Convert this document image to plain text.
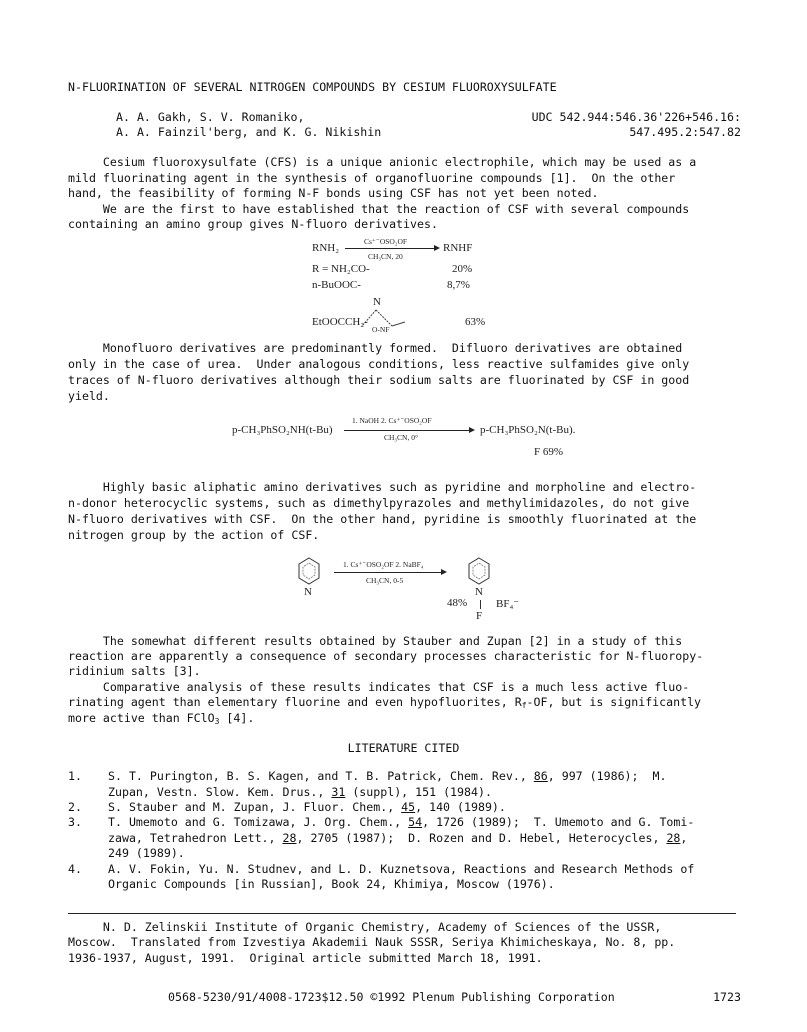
N-FLUORINATION OF SEVERAL NITROGEN COMPOUNDS BY CESIUM FLUOROXYSULFATE
A. A. Gakh, S. V. Romaniko,
A. A. Fainzil'berg, and K. G. Nikishin
UDC 542.944:546.36'226+546.16:
547.495.2:547.82
Cesium fluoroxysulfate (CFS) is a unique anionic electrophile, which may be used as a
mild fluorinating agent in the synthesis of organofluorine compounds [1].  On the other
hand, the feasibility of forming N-F bonds using CSF has not yet been noted.
We are the first to have established that the reaction of CSF with several compounds
containing an amino group gives N-fluoro derivatives.
RNH₂
Cs⁺⁻OSO₂OF
CH₃CN, 20
RNHF
R = NH₂CO-	20%
n-BuOOC-	8,7%
N
EtOOCCH₂-
O-NF
63%
Monofluoro derivatives are predominantly formed.  Difluoro derivatives are obtained
only in the case of urea.  Under analogous conditions, less reactive sulfamides give only
traces of N-fluoro derivatives although their sodium salts are fluorinated by CSF in good
yield.
p-CH₃PhSO₂NH(t-Bu)
1. NaOH 2. Cs⁺⁻OSO₂OF
CH₃CN, 0°
p-CH₃PhSO₂N(t-Bu).
F 69%
Highly basic aliphatic amino derivatives such as pyridine and morpholine and electro-
n-donor heterocyclic systems, such as dimethylpyrazoles and methylimidazoles, do not give
N-fluoro derivatives with CSF.  On the other hand, pyridine is smoothly fluorinated at the
nitrogen group by the action of CSF.
N
1. Cs⁺⁻OSO₂OF 2. NaBF₄
CH₃CN, 0-5
N
48%	BF₄⁻
F
The somewhat different results obtained by Stauber and Zupan [2] in a study of this
reaction are apparently a consequence of secondary processes characteristic for N-fluoropy-
ridinium salts [3].
Comparative analysis of these results indicates that CSF is a much less active fluo-
rinating agent than elementary fluorine and even hypofluorites, $R_f-OF$, but is significantly
more active than FClO$_3$ [4].
LITERATURE CITED
1. S. T. Purington, B. S. Kagen, and T. B. Patrick, Chem. Rev., 86, 997 (1986);  M.
Zupan, Vestn. Slow. Kem. Drus., 31 (suppl), 151 (1984).
2. S. Stauber and M. Zupan, J. Fluor. Chem., 45, 140 (1989).
3. T. Umemoto and G. Tomizawa, J. Org. Chem., 54, 1726 (1989);  T. Umemoto and G. Tomi-
zawa, Tetrahedron Lett., 28, 2705 (1987);  D. Rozen and D. Hebel, Heterocycles, 28,
249 (1989).
4. A. V. Fokin, Yu. N. Studnev, and L. D. Kuznetsova, Reactions and Research Methods of
Organic Compounds [in Russian], Book 24, Khimiya, Moscow (1976).
N. D. Zelinskii Institute of Organic Chemistry, Academy of Sciences of the USSR,
Moscow.  Translated from Izvestiya Akademii Nauk SSSR, Seriya Khimicheskaya, No. 8, pp.
1936-1937, August, 1991.  Original article submitted March 18, 1991.
0568-5230/91/4008-1723$12.50 ©1992 Plenum Publishing Corporation	1723
